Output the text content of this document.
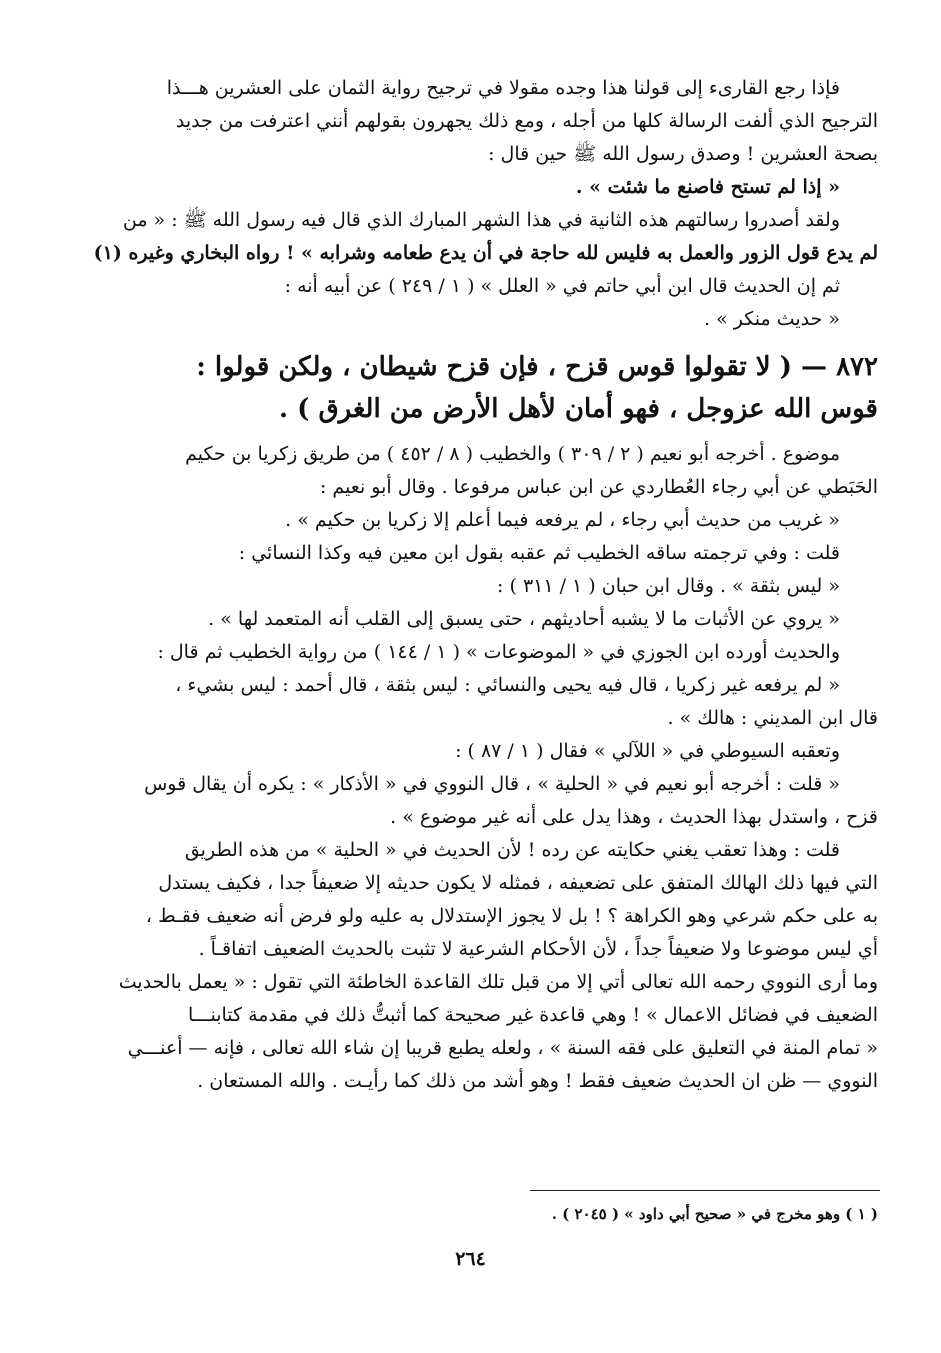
فإذا رجع القارىء إلى قولنا هذا وجده مقولا في ترجيح رواية الثمان على العشرين هـــذا

الترجيح الذي ألفت الرسالة كلها من أجله ، ومع ذلك يجهرون بقولهم أنني اعترفت من جديد

بصحة العشرين ! وصدق رسول الله ﷺ حين قال :

« إذا لم تستح فاصنع ما شئت » .

ولقد أصدروا رسالتهم هذه الثانية في هذا الشهر المبارك الذي قال فيه رسول الله ﷺ : « من

لم يدع قول الزور والعمل به فليس لله حاجة في أن يدع طعامه وشرابه » ! رواه البخاري وغيره (١)

ثم إن الحديث قال ابن أبي حاتم في « العلل » ( ١ / ٢٤٩ ) عن أبيه أنه :

« حديث منكر » .

٨٧٢ — ( لا تقولوا قوس قزح ، فإن قزح شيطان ، ولكن قولوا :
قوس الله عزوجل ، فهو أمان لأهل الأرض من الغرق ) .

موضوع . أخرجه أبو نعيم ( ٢ / ٣٠٩ ) والخطيب ( ٨ / ٤٥٢ ) من طريق زكريا بن حكيم

الحَبَطي عن أبي رجاء العُطاردي عن ابن عباس مرفوعا . وقال أبو نعيم :

« غريب من حديث أبي رجاء ، لم يرفعه فيما أعلم إلا زكريا بن حكيم » .

قلت : وفي ترجمته ساقه الخطيب ثم عقبه بقول ابن معين فيه وكذا النسائي :

« ليس بثقة » . وقال ابن حبان ( ١ / ٣١١ ) :

« يروي عن الأثبات ما لا يشبه أحاديثهم ، حتى يسبق إلى القلب أنه المتعمد لها » .

والحديث أورده ابن الجوزي في « الموضوعات » ( ١ / ١٤٤ ) من رواية الخطيب ثم قال :

« لم يرفعه غير زكريا ، قال فيه يحيى والنسائي : ليس بثقة ، قال أحمد : ليس بشيء ،

قال ابن المديني : هالك » .

وتعقبه السيوطي في « اللآلي » فقال ( ١ / ٨٧ ) :

« قلت : أخرجه أبو نعيم في « الحلية » ، قال النووي في « الأذكار » : يكره أن يقال قوس

قزح ، واستدل بهذا الحديث ، وهذا يدل على أنه غير موضوع » .

قلت : وهذا تعقب يغني حكايته عن رده ! لأن الحديث في « الحلية » من هذه الطريق

التي فيها ذلك الهالك المتفق على تضعيفه ، فمثله لا يكون حديثه إلا ضعيفاً جدا ، فكيف يستدل

به على حكم شرعي وهو الكراهة ؟ ! بل لا يجوز الإستدلال به عليه ولو فرض أنه ضعيف فقـط ،

أي ليس موضوعا ولا ضعيفاً جداً ، لأن الأحكام الشرعية لا تثبت بالحديث الضعيف اتفاقـاً .

وما أرى النووي رحمه الله تعالى أتي إلا من قبل تلك القاعدة الخاطئة التي تقول : « يعمل بالحديث

الضعيف في فضائل الاعمال » ! وهي قاعدة غير صحيحة كما أثبتُّ ذلك في مقدمة كتابنـــا

« تمام المنة في التعليق على فقه السنة » ، ولعله يطبع قريبا إن شاء الله تعالى ، فإنه — أعنـــي

النووي — ظن ان الحديث ضعيف فقط ! وهو أشد من ذلك كما رأيـت . والله المستعان .

( ١ ) وهو مخرج في « صحيح أبي داود » ( ٢٠٤٥ ) .
٢٦٤
